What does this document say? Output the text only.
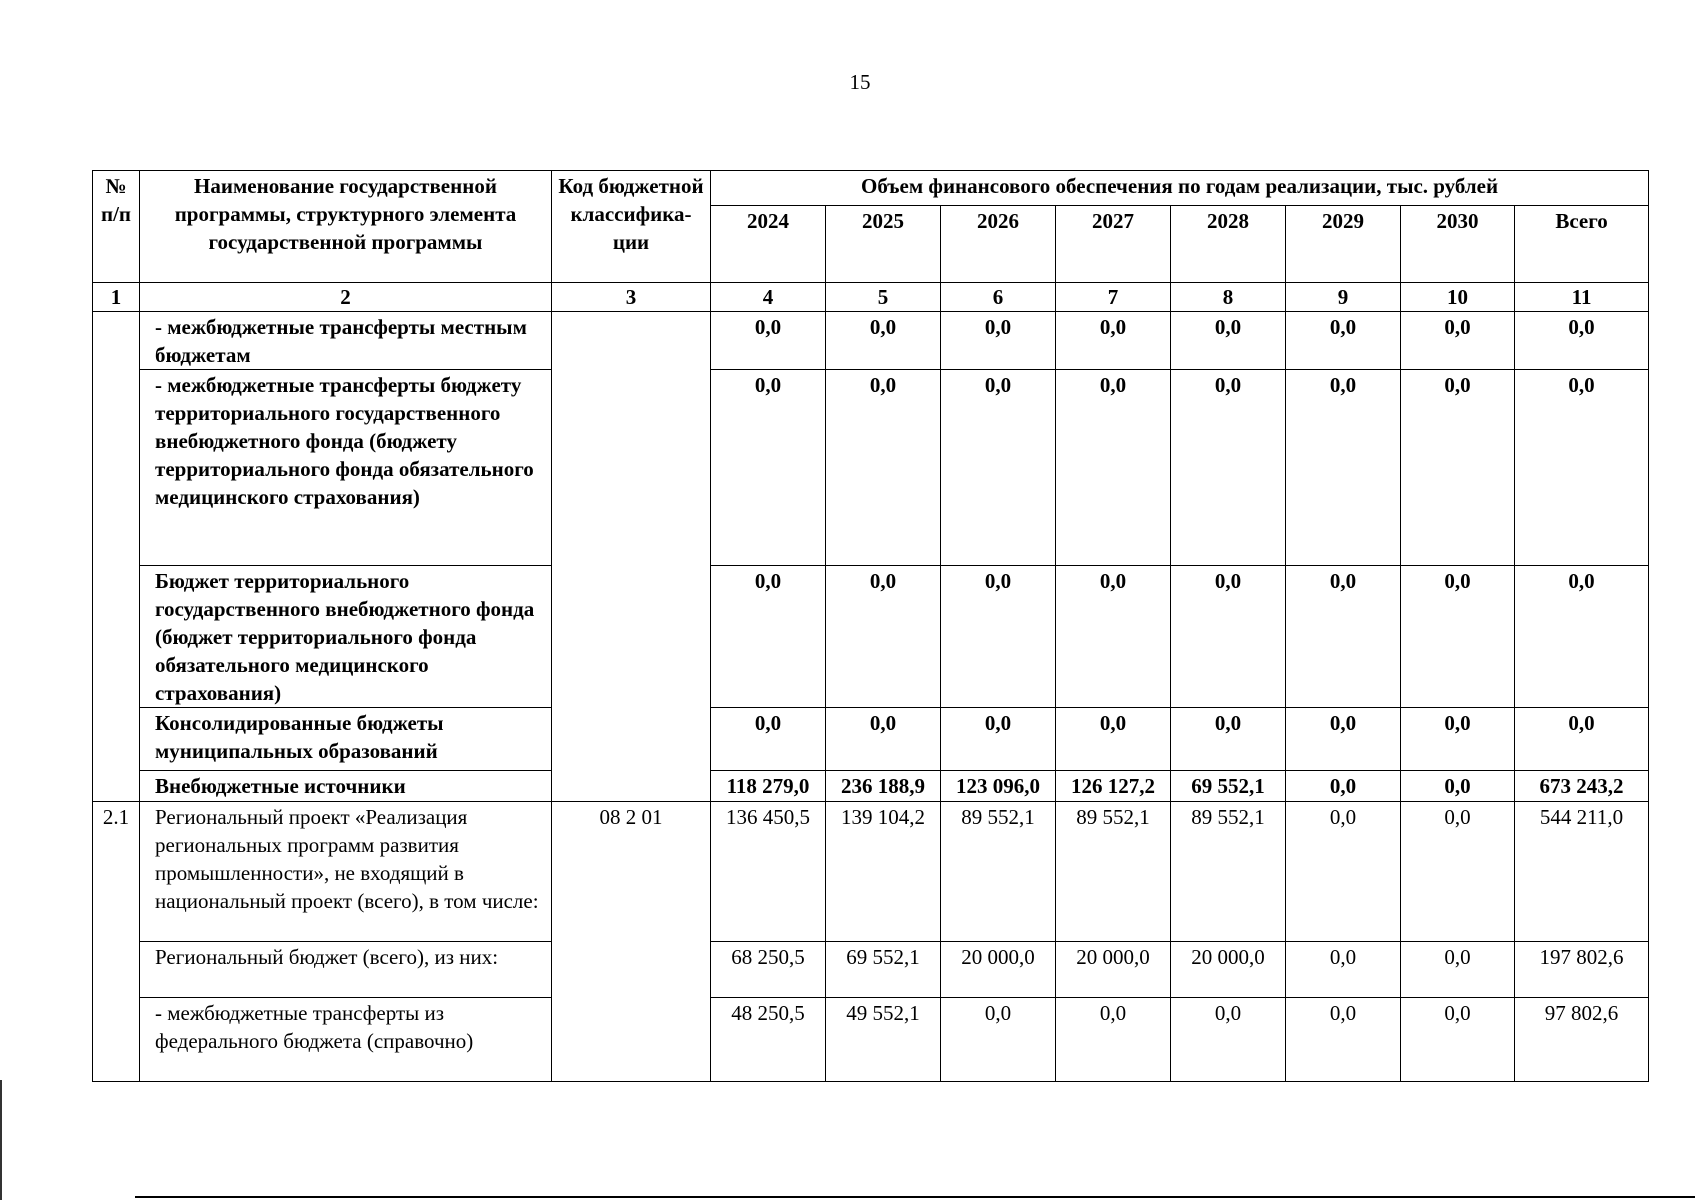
15
№ п/п	Наименование государственной программы, структурного элемента государственной программы	Код бюджетной классифика-ции	Объем финансового обеспечения по годам реализации, тыс. рублей							
			2024	2025	2026	2027	2028	2029	2030	Всего
1	2	3	4	5	6	7	8	9	10	11
	- межбюджетные трансферты местным бюджетам		0,0	0,0	0,0	0,0	0,0	0,0	0,0	0,0
	- межбюджетные трансферты бюджету территориального государственного внебюджетного фонда (бюджету территориального фонда обязательного медицинского страхования)		0,0	0,0	0,0	0,0	0,0	0,0	0,0	0,0
	Бюджет территориального государственного внебюджетного фонда (бюджет территориального фонда обязательного медицинского страхования)		0,0	0,0	0,0	0,0	0,0	0,0	0,0	0,0
	Консолидированные бюджеты муниципальных образований		0,0	0,0	0,0	0,0	0,0	0,0	0,0	0,0
	Внебюджетные источники		118 279,0	236 188,9	123 096,0	126 127,2	69 552,1	0,0	0,0	673 243,2
2.1	Региональный проект «Реализация региональных программ развития промышленности», не входящий в национальный проект (всего), в том числе:	08 2 01	136 450,5	139 104,2	89 552,1	89 552,1	89 552,1	0,0	0,0	544 211,0
	Региональный бюджет (всего), из них:		68 250,5	69 552,1	20 000,0	20 000,0	20 000,0	0,0	0,0	197 802,6
	- межбюджетные трансферты из федерального бюджета (справочно)		48 250,5	49 552,1	0,0	0,0	0,0	0,0	0,0	97 802,6
